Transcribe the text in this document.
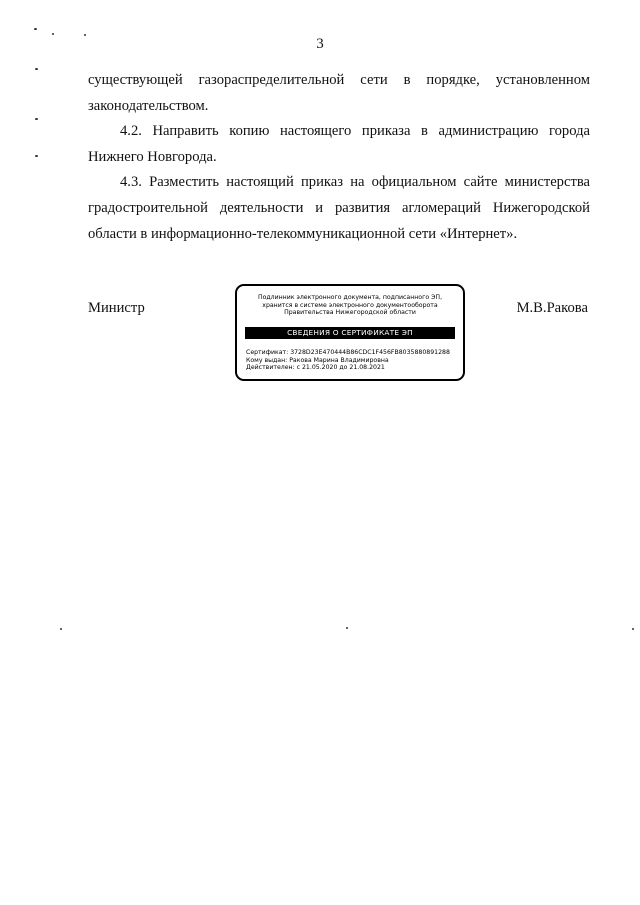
3

существующей газораспределительной сети в порядке, установленном законодательством.

4.2. Направить копию настоящего приказа в администрацию города Нижнего Новгорода.

4.3. Разместить настоящий приказ на официальном сайте министерства градостроительной деятельности и развития агломераций Нижегородской области в информационно-телекоммуникационной сети «Интернет».

Министр	М.В.Ракова
Подлинник электронного документа, подписанного ЭП,
хранится в системе электронного документооборота
Правительства Нижегородской области
СВЕДЕНИЯ О СЕРТИФИКАТЕ ЭП
Сертификат: 3728D23E470444B86CDC1F456FB8035880891288
Кому выдан: Ракова Марина Владимировна
Действителен: с 21.05.2020 до 21.08.2021
